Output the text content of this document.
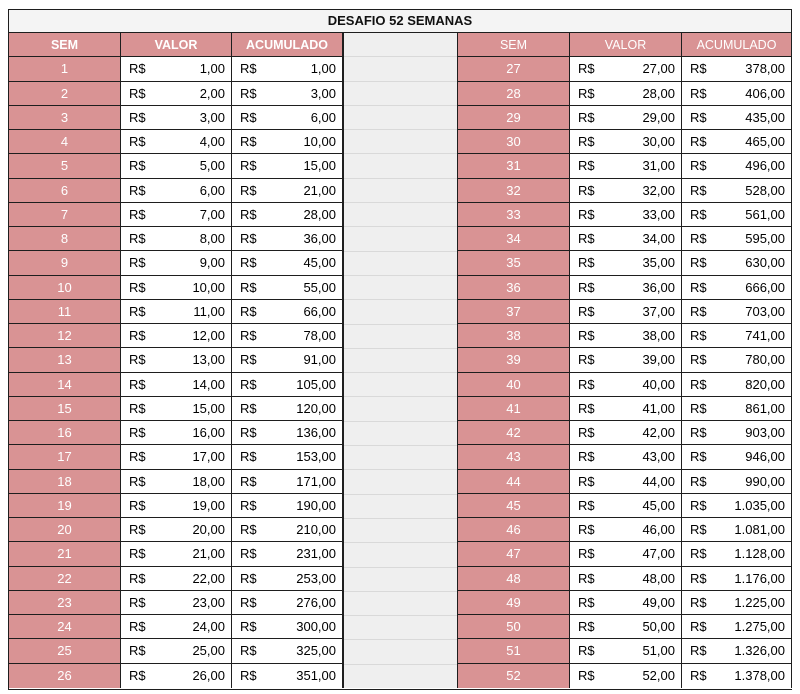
DESAFIO 52 SEMANAS
SEM	VALOR	ACUMULADO
1	R$	1,00 R$	1,00
2	R$	2,00 R$	3,00
3	R$	3,00 R$	6,00
4	R$	4,00 R$	10,00
5	R$	5,00 R$	15,00
6	R$	6,00 R$	21,00
7	R$	7,00 R$	28,00
8	R$	8,00 R$	36,00
9	R$	9,00 R$	45,00
10	R$	10,00 R$	55,00
11	R$	11,00 R$	66,00
12	R$	12,00 R$	78,00
13	R$	13,00 R$	91,00
14	R$	14,00 R$	105,00
15	R$	15,00 R$	120,00
16	R$	16,00 R$	136,00
17	R$	17,00 R$	153,00
18	R$	18,00 R$	171,00
19	R$	19,00 R$	190,00
20	R$	20,00 R$	210,00
21	R$	21,00 R$	231,00
22	R$	22,00 R$	253,00
23	R$	23,00 R$	276,00
24	R$	24,00 R$	300,00
25	R$	25,00 R$	325,00
26	R$	26,00 R$	351,00
SEM	VALOR	ACUMULADO
27	R$	27,00 R$	378,00
28	R$	28,00 R$	406,00
29	R$	29,00 R$	435,00
30	R$	30,00 R$	465,00
31	R$	31,00 R$	496,00
32	R$	32,00 R$	528,00
33	R$	33,00 R$	561,00
34	R$	34,00 R$	595,00
35	R$	35,00 R$	630,00
36	R$	36,00 R$	666,00
37	R$	37,00 R$	703,00
38	R$	38,00 R$	741,00
39	R$	39,00 R$	780,00
40	R$	40,00 R$	820,00
41	R$	41,00 R$	861,00
42	R$	42,00 R$	903,00
43	R$	43,00 R$	946,00
44	R$	44,00 R$	990,00
45	R$	45,00 R$ 1.035,00
46	R$	46,00 R$ 1.081,00
47	R$	47,00 R$ 1.128,00
48	R$	48,00 R$ 1.176,00
49	R$	49,00 R$ 1.225,00
50	R$	50,00 R$ 1.275,00
51	R$	51,00 R$ 1.326,00
52	R$	52,00 R$ 1.378,00
